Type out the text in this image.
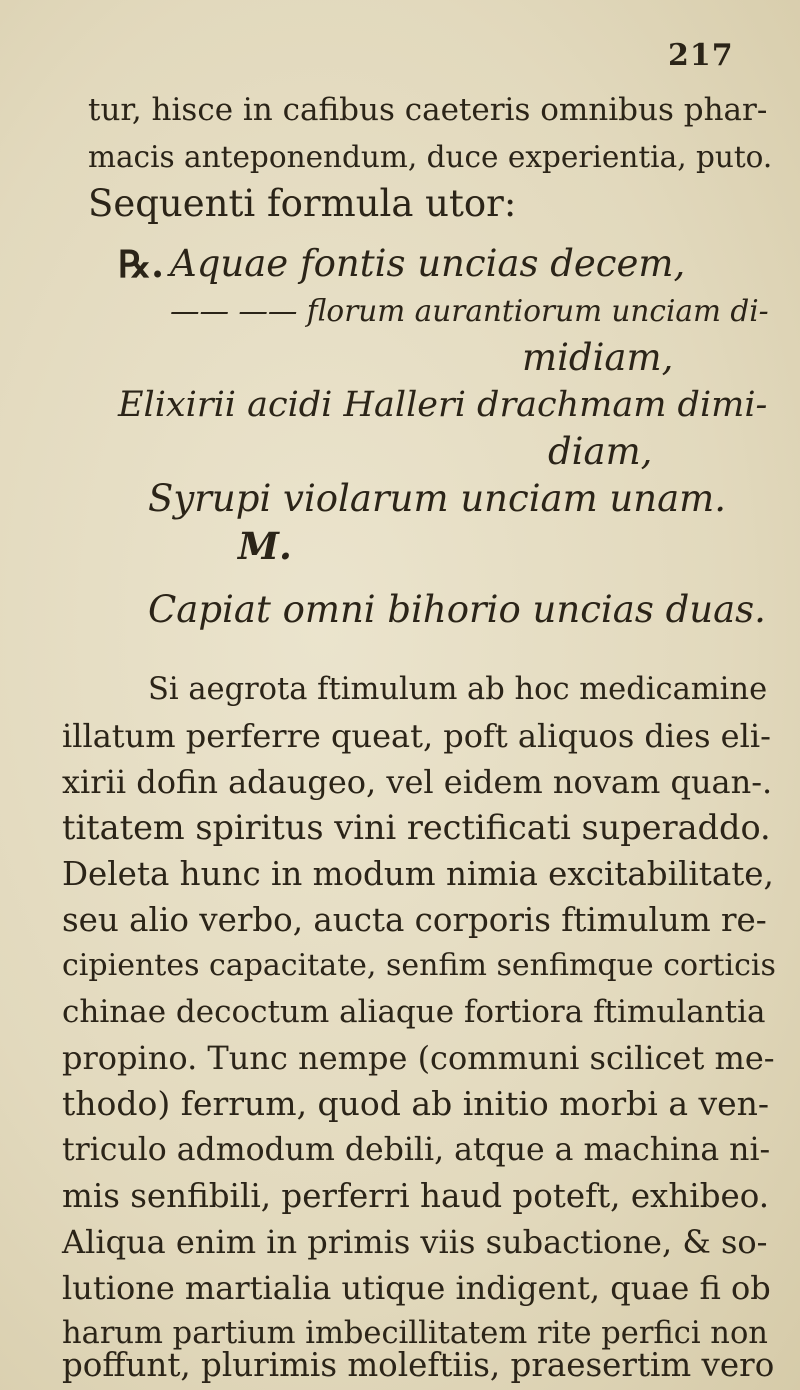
217
tur, hisce in cafibus caeteris omnibus phar-
macis anteponendum, duce experientia, puto.
Sequenti formula utor:
℞. Aquae fontis uncias decem,
—— —— florum aurantiorum unciam di-
midiam,
Elixirii acidi Halleri drachmam dimi-
diam,
Syrupi violarum unciam unam.
M.
Capiat omni bihorio uncias duas.
Si aegrota ftimulum ab hoc medicamine
illatum perferre queat, poft aliquos dies eli-
xirii dofin adaugeo, vel eidem novam quan-.
titatem spiritus vini rectificati superaddo.
Deleta hunc in modum nimia excitabilitate,
seu alio verbo, aucta corporis ftimulum re-
cipientes capacitate, senfim senfimque corticis
chinae decoctum aliaque fortiora ftimulantia
propino. Tunc nempe (communi scilicet me-
thodo) ferrum, quod ab initio morbi a ven-
triculo admodum debili, atque a machina ni-
mis senfibili, perferri haud poteft, exhibeo.
Aliqua enim in primis viis subactione, & so-
lutione martialia utique indigent, quae fi ob
harum partium imbecillitatem rite perfici non
poffunt, plurimis moleftiis, praesertim vero
